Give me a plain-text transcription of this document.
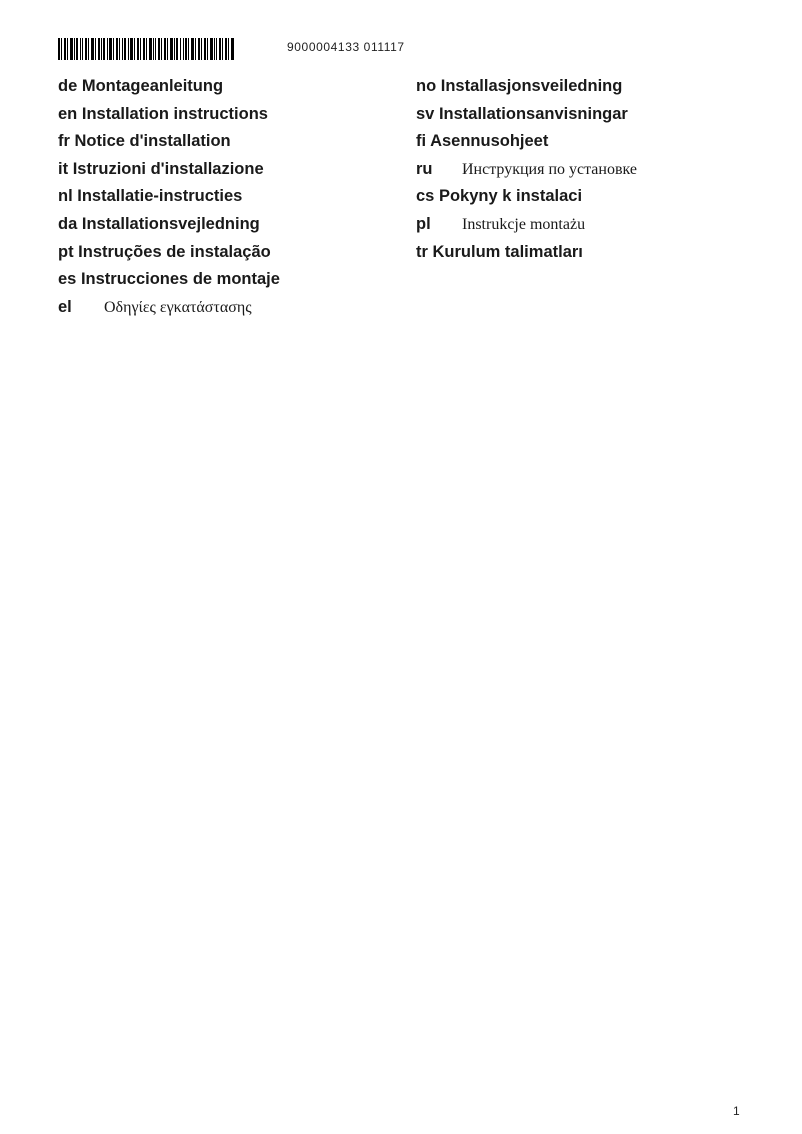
9000004133 011117
de Montageanleitung
en Installation instructions
fr Notice d'installation
it Istruzioni d'installazione
nl Installatie-instructies
da Installationsvejledning
pt Instruções de instalação
es Instrucciones de montaje
el Οδηγίες εγκατάστασης
no Installasjonsveiledning
sv Installationsanvisningar
fi Asennusohjeet
ru Инструкция по установке
cs Pokyny k instalaci
pl Instrukcje montażu
tr Kurulum talimatları
1
